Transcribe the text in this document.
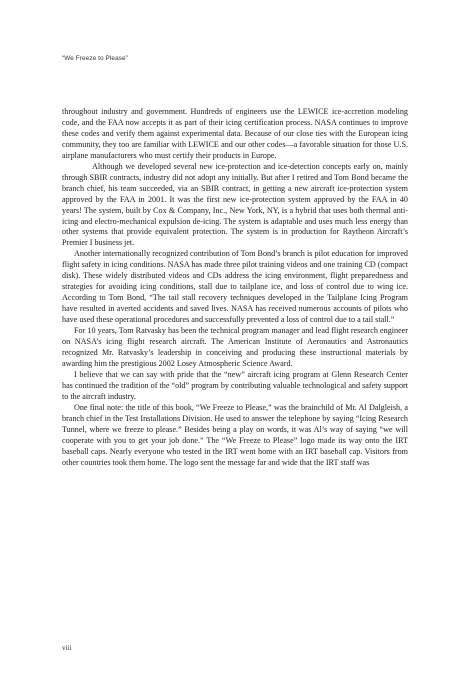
“We Freeze to Please”

throughout industry and government. Hundreds of engineers use the LEWICE ice-accretion modeling code, and the FAA now accepts it as part of their icing certification process. NASA continues to improve these codes and verify them against experimental data. Because of our close ties with the European icing community, they too are familiar with LEWICE and our other codes—a favorable situation for those U.S. airplane manufacturers who must certify their products in Europe.

Although we developed several new ice-protection and ice-detection concepts early on, mainly through SBIR contracts, industry did not adopt any initially. But after I retired and Tom Bond became the branch chief, his team succeeded, via an SBIR contract, in getting a new aircraft ice-protection system approved by the FAA in 2001. It was the first new ice-protection system approved by the FAA in 40 years! The system, built by Cox & Company, Inc., New York, NY, is a hybrid that uses both thermal anti-icing and electro-mechanical expulsion de-icing. The system is adaptable and uses much less energy than other systems that provide equivalent protection. The system is in production for Raytheon Aircraft’s Premier I business jet.

Another internationally recognized contribution of Tom Bond’s branch is pilot education for improved flight safety in icing conditions. NASA has made three pilot training videos and one training CD (compact disk). These widely distributed videos and CDs address the icing environment, flight preparedness and strategies for avoiding icing conditions, stall due to tailplane ice, and loss of control due to wing ice. According to Tom Bond, “The tail stall recovery techniques developed in the Tailplane Icing Program have resulted in averted accidents and saved lives. NASA has received numerous accounts of pilots who have used these operational procedures and successfully prevented a loss of control due to a tail stall.”

For 10 years, Tom Ratvasky has been the technical program manager and lead flight research engineer on NASA’s icing flight research aircraft. The American Institute of Aeronautics and Astronautics recognized Mr. Ratvasky’s leadership in conceiving and producing these instructional materials by awarding him the prestigious 2002 Losey Atmospheric Science Award.

I believe that we can say with pride that the “new” aircraft icing program at Glenn Research Center has continued the tradition of the “old” program by contributing valuable technological and safety support to the aircraft industry.

One final note: the title of this book, “We Freeze to Please,” was the brainchild of Mr. Al Dalgleish, a branch chief in the Test Installations Division. He used to answer the telephone by saying “Icing Research Tunnel, where we freeze to please.” Besides being a play on words, it was Al’s way of saying “we will cooperate with you to get your job done.” The “We Freeze to Please” logo made its way onto the IRT baseball caps. Nearly everyone who tested in the IRT went home with an IRT baseball cap. Visitors from other countries took them home. The logo sent the message far and wide that the IRT staff was

viii
